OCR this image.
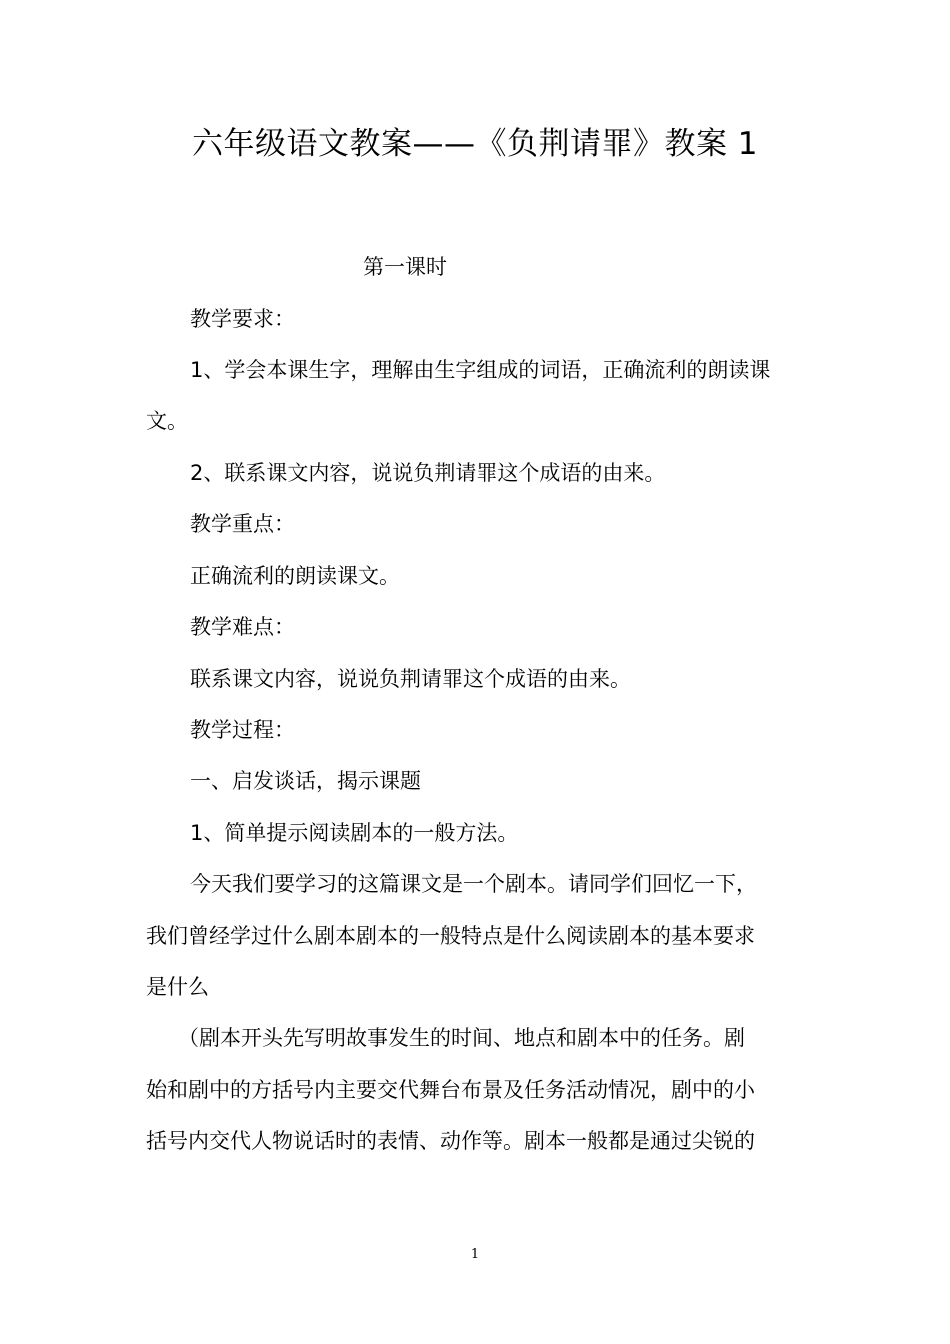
六年级语文教案——《负荆请罪》教案 1
第一课时
教学要求：
1、学会本课生字，理解由生字组成的词语，正确流利的朗读课
文。
2、联系课文内容，说说负荆请罪这个成语的由来。
教学重点：
正确流利的朗读课文。
教学难点：
联系课文内容，说说负荆请罪这个成语的由来。
教学过程：
一、启发谈话，揭示课题
1、简单提示阅读剧本的一般方法。
今天我们要学习的这篇课文是一个剧本。请同学们回忆一下，
我们曾经学过什么剧本剧本的一般特点是什么阅读剧本的基本要求
是什么
（剧本开头先写明故事发生的时间、地点和剧本中的任务。剧
始和剧中的方括号内主要交代舞台布景及任务活动情况，剧中的小
括号内交代人物说话时的表情、动作等。剧本一般都是通过尖锐的
1
